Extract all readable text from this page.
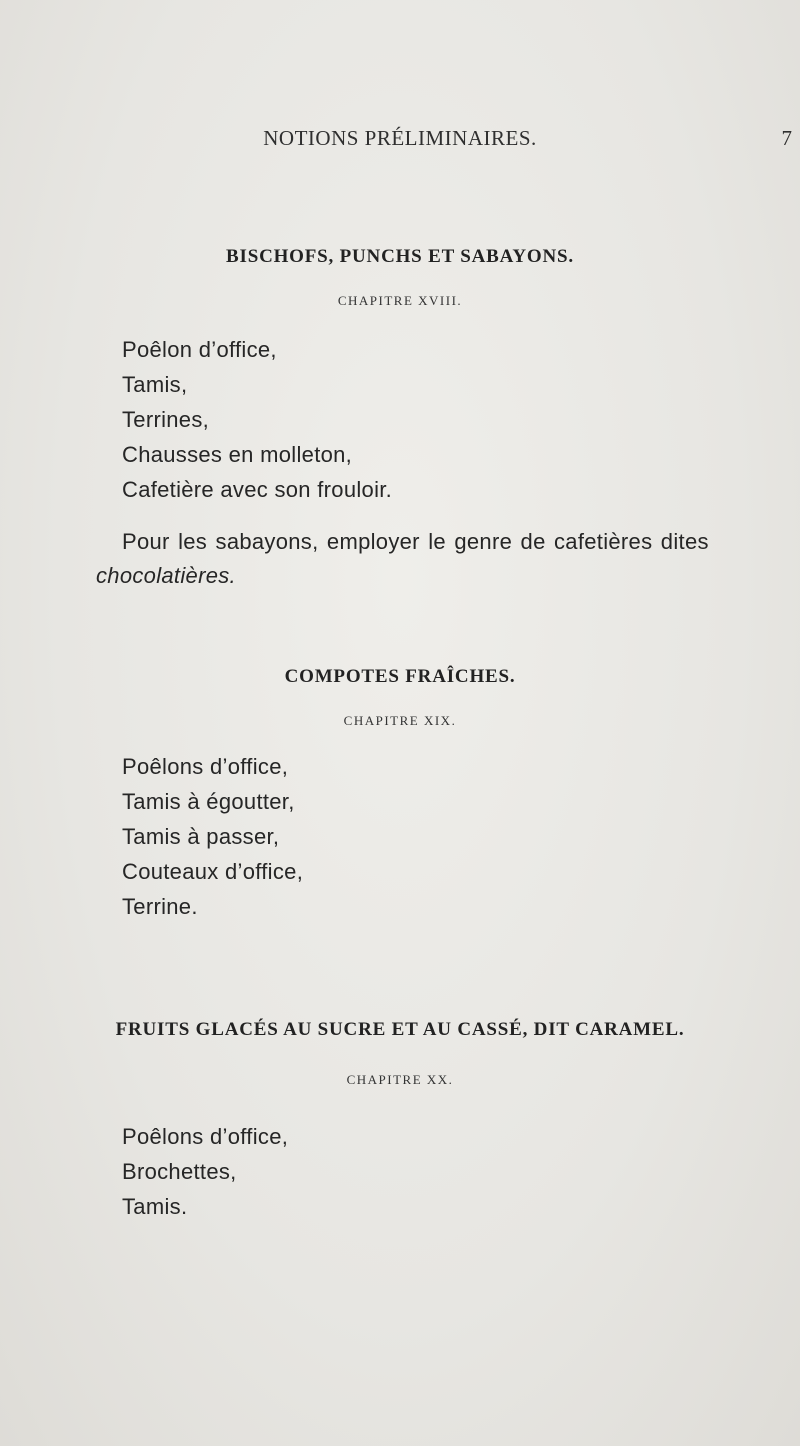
NOTIONS PRÉLIMINAIRES.	7
BISCHOFS, PUNCHS ET SABAYONS.
CHAPITRE XVIII.
Poêlon d’office,
Tamis,
Terrines,
Chausses en molleton,
Cafetière avec son frouloir.
Pour les sabayons, employer le genre de cafetières dites
chocolatières.
COMPOTES FRAÎCHES.
CHAPITRE XIX.
Poêlons d’office,
Tamis à égoutter,
Tamis à passer,
Couteaux d’office,
Terrine.
FRUITS GLACÉS AU SUCRE ET AU CASSÉ, DIT CARAMEL.
CHAPITRE XX.
Poêlons d’office,
Brochettes,
Tamis.
